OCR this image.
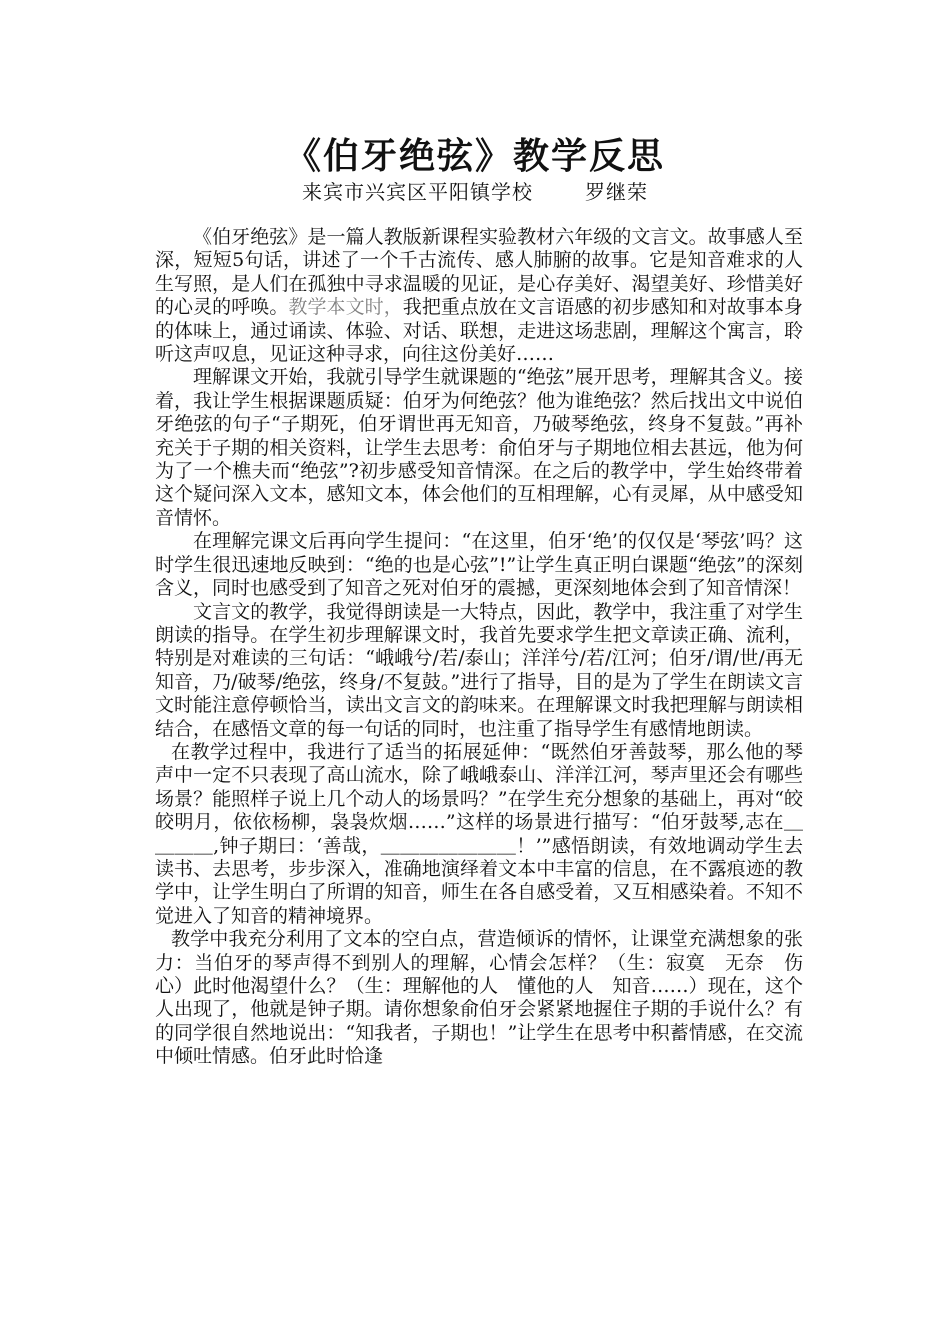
《伯牙绝弦》教学反思
来宾市兴宾区平阳镇学校	罗继荣

《伯牙绝弦》是一篇人教版新课程实验教材六年级的文言文。故事感人至深，短短5句话，讲述了一个千古流传、感人肺腑的故事。它是知音难求的人生写照，是人们在孤独中寻求温暖的见证，是心存美好、渴望美好、珍惜美好的心灵的呼唤。教学本文时，我把重点放在文言语感的初步感知和对故事本身的体味上，通过诵读、体验、对话、联想，走进这场悲剧，理解这个寓言，聆听这声叹息，见证这种寻求，向往这份美好……

理解课文开始，我就引导学生就课题的“绝弦”展开思考，理解其含义。接着，我让学生根据课题质疑：伯牙为何绝弦？他为谁绝弦？然后找出文中说伯牙绝弦的句子“子期死，伯牙谓世再无知音，乃破琴绝弦，终身不复鼓。”再补充关于子期的相关资料，让学生去思考：俞伯牙与子期地位相去甚远，他为何为了一个樵夫而“绝弦”?初步感受知音情深。在之后的教学中，学生始终带着这个疑问深入文本，感知文本，体会他们的互相理解，心有灵犀，从中感受知音情怀。

在理解完课文后再向学生提问：“在这里，伯牙‘绝’的仅仅是‘琴弦’吗？这时学生很迅速地反映到：“绝的也是心弦”!”让学生真正明白课题“绝弦”的深刻含义，同时也感受到了知音之死对伯牙的震撼，更深刻地体会到了知音情深！

文言文的教学，我觉得朗读是一大特点，因此，教学中，我注重了对学生朗读的指导。在学生初步理解课文时，我首先要求学生把文章读正确、流利，特别是对难读的三句话：“峨峨兮/若/泰山；洋洋兮/若/江河；伯牙/谓/世/再无知音，乃/破琴/绝弦，终身/不复鼓。”进行了指导，目的是为了学生在朗读文言文时能注意停顿恰当，读出文言文的韵味来。在理解课文时我把理解与朗读相结合，在感悟文章的每一句话的同时，也注重了指导学生有感情地朗读。

在教学过程中，我进行了适当的拓展延伸：“既然伯牙善鼓琴，那么他的琴声中一定不只表现了高山流水，除了峨峨泰山、洋洋江河，琴声里还会有哪些场景？能照样子说上几个动人的场景吗？”在学生充分想象的基础上，再对“皎皎明月，依依杨柳，袅袅炊烟……”这样的场景进行描写：“伯牙鼓琴,志在＿＿＿＿,钟子期曰：‘善哉，＿＿＿＿＿＿＿！’”感悟朗读，有效地调动学生去读书、去思考，步步深入，准确地演绎着文本中丰富的信息，在不露痕迹的教学中，让学生明白了所谓的知音，师生在各自感受着，又互相感染着。不知不觉进入了知音的精神境界。

教学中我充分利用了文本的空白点，营造倾诉的情怀，让课堂充满想象的张力：当伯牙的琴声得不到别人的理解，心情会怎样？（生：寂寞　无奈　伤心）此时他渴望什么？（生：理解他的人　懂他的人　知音……）现在，这个人出现了，他就是钟子期。请你想象俞伯牙会紧紧地握住子期的手说什么？有的同学很自然地说出：“知我者，子期也！”让学生在思考中积蓄情感，在交流中倾吐情感。伯牙此时恰逢
